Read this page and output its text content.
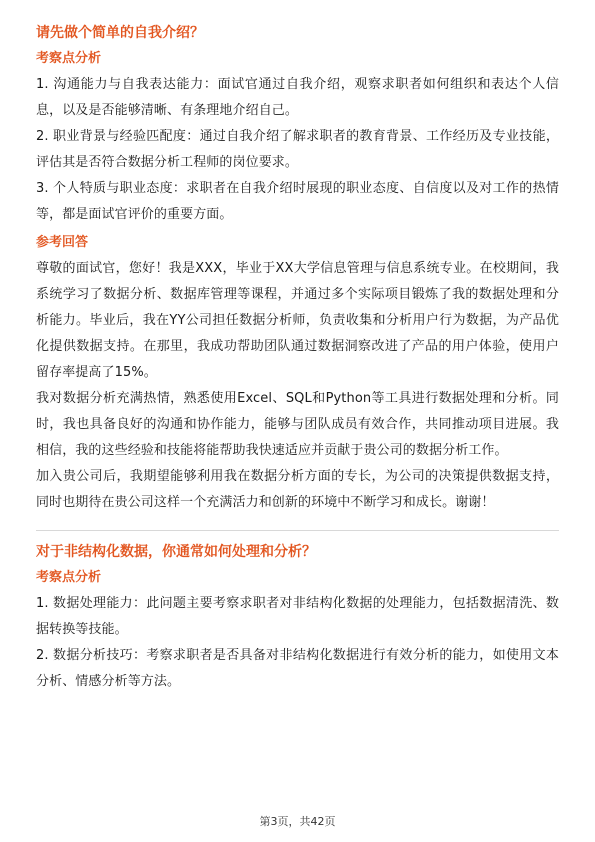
请先做个简单的自我介绍？
考察点分析

1. 沟通能力与自我表达能力：面试官通过自我介绍，观察求职者如何组织和表达个人信息，以及是否能够清晰、有条理地介绍自己。

2. 职业背景与经验匹配度：通过自我介绍了解求职者的教育背景、工作经历及专业技能，评估其是否符合数据分析工程师的岗位要求。

3. 个人特质与职业态度：求职者在自我介绍时展现的职业态度、自信度以及对工作的热情等，都是面试官评价的重要方面。

参考回答

尊敬的面试官，您好！我是XXX，毕业于XX大学信息管理与信息系统专业。在校期间，我系统学习了数据分析、数据库管理等课程，并通过多个实际项目锻炼了我的数据处理和分析能力。毕业后，我在YY公司担任数据分析师，负责收集和分析用户行为数据，为产品优化提供数据支持。在那里，我成功帮助团队通过数据洞察改进了产品的用户体验，使用户留存率提高了15%。

我对数据分析充满热情，熟悉使用Excel、SQL和Python等工具进行数据处理和分析。同时，我也具备良好的沟通和协作能力，能够与团队成员有效合作，共同推动项目进展。我相信，我的这些经验和技能将能帮助我快速适应并贡献于贵公司的数据分析工作。

加入贵公司后，我期望能够利用我在数据分析方面的专长，为公司的决策提供数据支持，同时也期待在贵公司这样一个充满活力和创新的环境中不断学习和成长。谢谢！

对于非结构化数据，你通常如何处理和分析？
考察点分析

1. 数据处理能力：此问题主要考察求职者对非结构化数据的处理能力，包括数据清洗、数据转换等技能。

2. 数据分析技巧：考察求职者是否具备对非结构化数据进行有效分析的能力，如使用文本分析、情感分析等方法。

第3页，共42页
